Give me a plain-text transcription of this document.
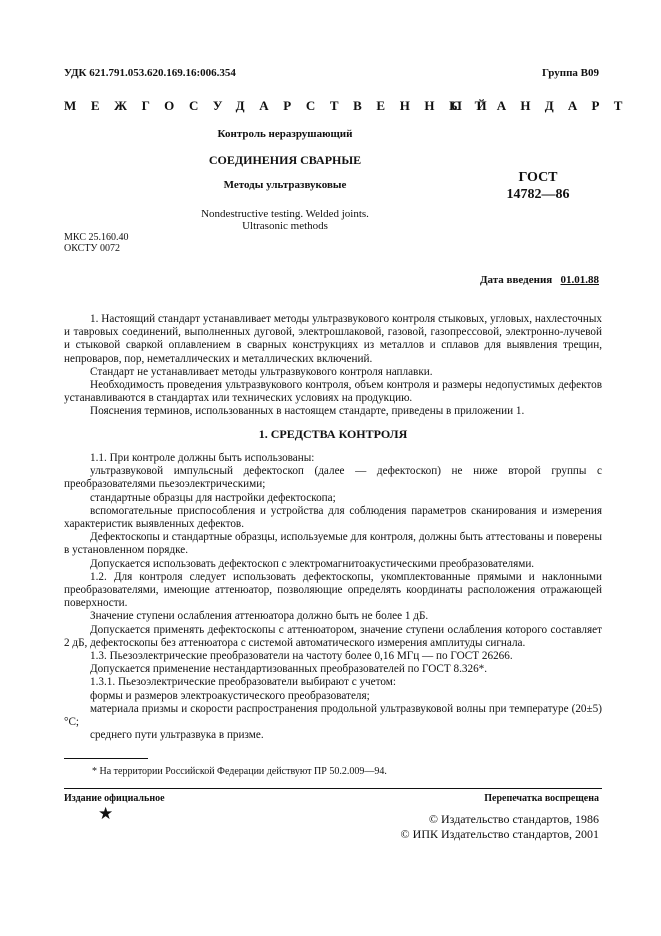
УДК 621.791.053.620.169.16:006.354	Группа В09
МЕЖГОСУДАРСТВЕННЫЙ
СТАНДАРТ
Контроль неразрушающий
СОЕДИНЕНИЯ СВАРНЫЕ
Методы ультразвуковые
Nondestructive testing. Welded joints.
Ultrasonic methods
ГОСТ
14782—86
МКС 25.160.40
ОКСТУ 0072
Дата введения 01.01.88

1. Настоящий стандарт устанавливает методы ультразвукового контроля стыковых, угловых, нахлесточных и тавровых соединений, выполненных дуговой, электрошлаковой, газовой, газопрессовой, электронно-лучевой и стыковой сваркой оплавлением в сварных конструкциях из металлов и сплавов для выявления трещин, непроваров, пор, неметаллических и металлических включений.

Стандарт не устанавливает методы ультразвукового контроля наплавки.

Необходимость проведения ультразвукового контроля, объем контроля и размеры недопустимых дефектов устанавливаются в стандартах или технических условиях на продукцию.

Пояснения терминов, использованных в настоящем стандарте, приведены в приложении 1.

1. СРЕДСТВА КОНТРОЛЯ

1.1. При контроле должны быть использованы:

ультразвуковой импульсный дефектоскоп (далее — дефектоскоп) не ниже второй группы с преобразователями пьезоэлектрическими;

стандартные образцы для настройки дефектоскопа;

вспомогательные приспособления и устройства для соблюдения параметров сканирования и измерения характеристик выявленных дефектов.

Дефектоскопы и стандартные образцы, используемые для контроля, должны быть аттестованы и поверены в установленном порядке.

Допускается использовать дефектоскоп с электромагнитоакустическими преобразователями.

1.2. Для контроля следует использовать дефектоскопы, укомплектованные прямыми и наклонными преобразователями, имеющие аттенюатор, позволяющие определять координаты расположения отражающей поверхности.

Значение ступени ослабления аттенюатора должно быть не более 1 дБ.

Допускается применять дефектоскопы с аттенюатором, значение ступени ослабления которого составляет 2 дБ, дефектоскопы без аттенюатора с системой автоматического измерения амплитуды сигнала.

1.3. Пьезоэлектрические преобразователи на частоту более 0,16 МГц — по ГОСТ 26266.

Допускается применение нестандартизованных преобразователей по ГОСТ 8.326*.

1.3.1. Пьезоэлектрические преобразователи выбирают с учетом:

формы и размеров электроакустического преобразователя;

материала призмы и скорости распространения продольной ультразвуковой волны при температуре (20±5) °С;

среднего пути ультразвука в призме.

* На территории Российской Федерации действуют ПР 50.2.009—94.
Издание официальное	Перепечатка воспрещена
★	© Издательство стандартов, 1986
© ИПК Издательство стандартов, 2001
